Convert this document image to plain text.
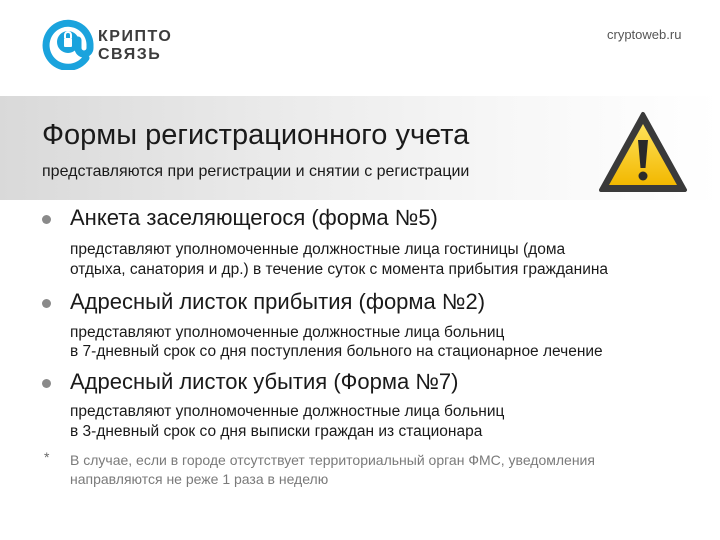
КРИПТО
СВЯЗЬ
cryptoweb.ru
Формы регистрационного учета
представляются при регистрации и снятии с регистрации
Анкета заселяющегося (форма №5)
представляют уполномоченные должностные лица гостиницы (дома
отдыха, санатория и др.) в течение суток с момента прибытия гражданина
Адресный листок прибытия (форма №2)
представляют уполномоченные должностные лица больниц
в 7-дневный срок со дня поступления больного на стационарное лечение
Адресный листок убытия (Форма №7)
представляют уполномоченные должностные лица больниц
в 3-дневный срок со дня выписки граждан из стационара
* В случае, если в городе отсутствует территориальный орган ФМС, уведомления
направляются не реже 1 раза в неделю
